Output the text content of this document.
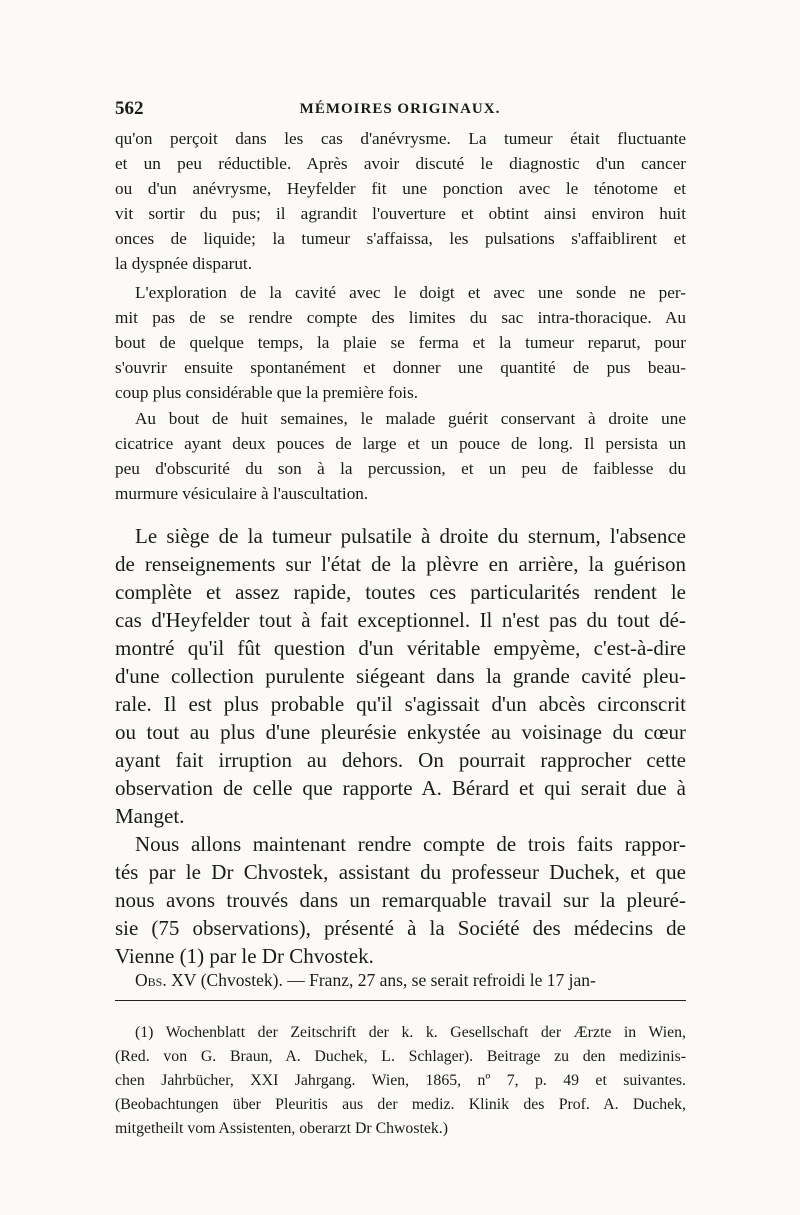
562	MÉMOIRES ORIGINAUX.
qu'on perçoit dans les cas d'anévrysme. La tumeur était fluctuante
et un peu réductible. Après avoir discuté le diagnostic d'un cancer
ou d'un anévrysme, Heyfelder fit une ponction avec le ténotome et
vit sortir du pus; il agrandit l'ouverture et obtint ainsi environ huit
onces de liquide; la tumeur s'affaissa, les pulsations s'affaiblirent et
la dyspnée disparut.
L'exploration de la cavité avec le doigt et avec une sonde ne per-
mit pas de se rendre compte des limites du sac intra-thoracique. Au
bout de quelque temps, la plaie se ferma et la tumeur reparut, pour
s'ouvrir ensuite spontanément et donner une quantité de pus beau-
coup plus considérable que la première fois.
Au bout de huit semaines, le malade guérit conservant à droite une
cicatrice ayant deux pouces de large et un pouce de long. Il persista un
peu d'obscurité du son à la percussion, et un peu de faiblesse du
murmure vésiculaire à l'auscultation.
Le siège de la tumeur pulsatile à droite du sternum, l'absence
de renseignements sur l'état de la plèvre en arrière, la guérison
complète et assez rapide, toutes ces particularités rendent le
cas d'Heyfelder tout à fait exceptionnel. Il n'est pas du tout dé-
montré qu'il fût question d'un véritable empyème, c'est-à-dire
d'une collection purulente siégeant dans la grande cavité pleu-
rale. Il est plus probable qu'il s'agissait d'un abcès circonscrit
ou tout au plus d'une pleurésie enkystée au voisinage du cœur
ayant fait irruption au dehors. On pourrait rapprocher cette
observation de celle que rapporte A. Bérard et qui serait due à
Manget.
Nous allons maintenant rendre compte de trois faits rappor-
tés par le Dr Chvostek, assistant du professeur Duchek, et que
nous avons trouvés dans un remarquable travail sur la pleuré-
sie (75 observations), présenté à la Société des médecins de
Vienne (1) par le Dr Chvostek.
Obs. XV (Chvostek). — Franz, 27 ans, se serait refroidi le 17 jan-
(1) Wochenblatt der Zeitschrift der k. k. Gesellschaft der Ærzte in Wien,
(Red. von G. Braun, A. Duchek, L. Schlager). Beitrage zu den medizinis-
chen Jahrbücher, XXI Jahrgang. Wien, 1865, nº 7, p. 49 et suivantes.
(Beobachtungen über Pleuritis aus der mediz. Klinik des Prof. A. Duchek,
mitgetheilt vom Assistenten, oberarzt Dr Chwostek.)
